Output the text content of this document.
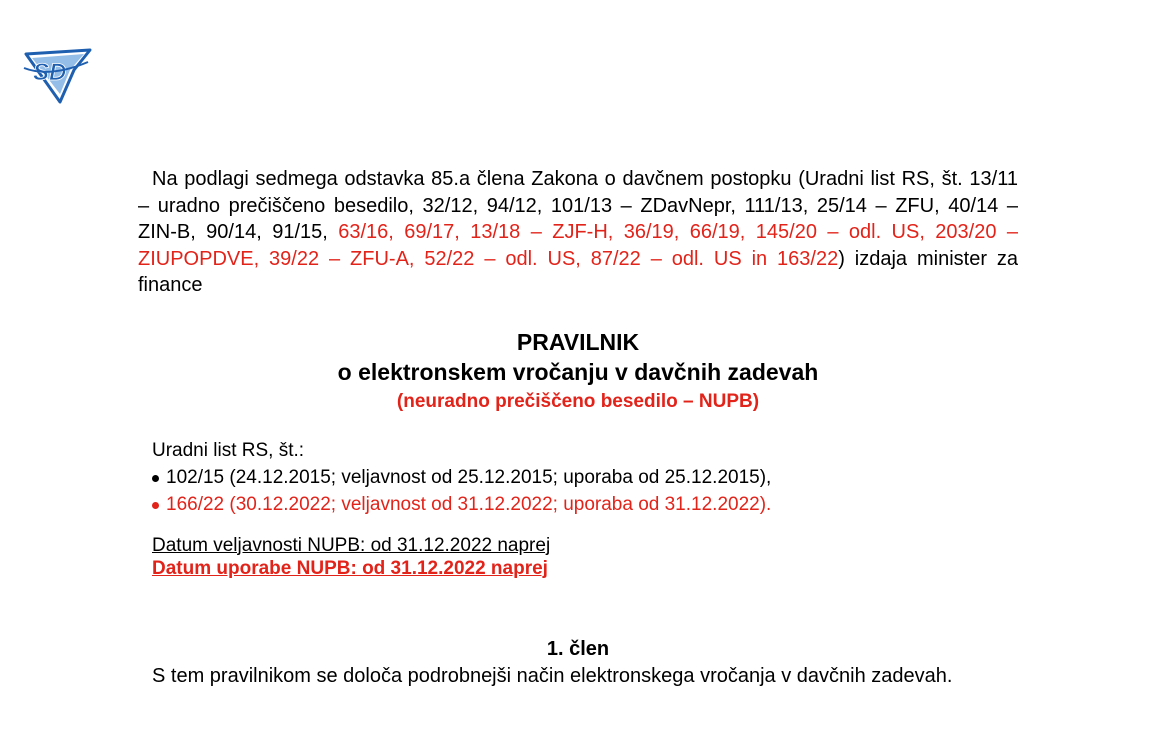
SD

Na podlagi sedmega odstavka 85.a člena Zakona o davčnem postopku (Uradni list RS, št. 13/11 – uradno prečiščeno besedilo, 32/12, 94/12, 101/13 – ZDavNepr, 111/13, 25/14 – ZFU, 40/14 – ZIN-B, 90/14, 91/15, 63/16, 69/17, 13/18 – ZJF-H, 36/19, 66/19, 145/20 – odl. US, 203/20 – ZIUPOPDVE, 39/22 – ZFU-A, 52/22 – odl. US, 87/22 – odl. US in 163/22) izdaja minister za finance

PRAVILNIK
o elektronskem vročanju v davčnih zadevah
(neuradno prečiščeno besedilo – NUPB)
Uradni list RS, št.:
102/15 (24.12.2015; veljavnost od 25.12.2015; uporaba od 25.12.2015),
166/22 (30.12.2022; veljavnost od 31.12.2022; uporaba od 31.12.2022).
Datum veljavnosti NUPB: od 31.12.2022 naprej
Datum uporabe NUPB: od 31.12.2022 naprej
1. člen

S tem pravilnikom se določa podrobnejši način elektronskega vročanja v davčnih zadevah.
